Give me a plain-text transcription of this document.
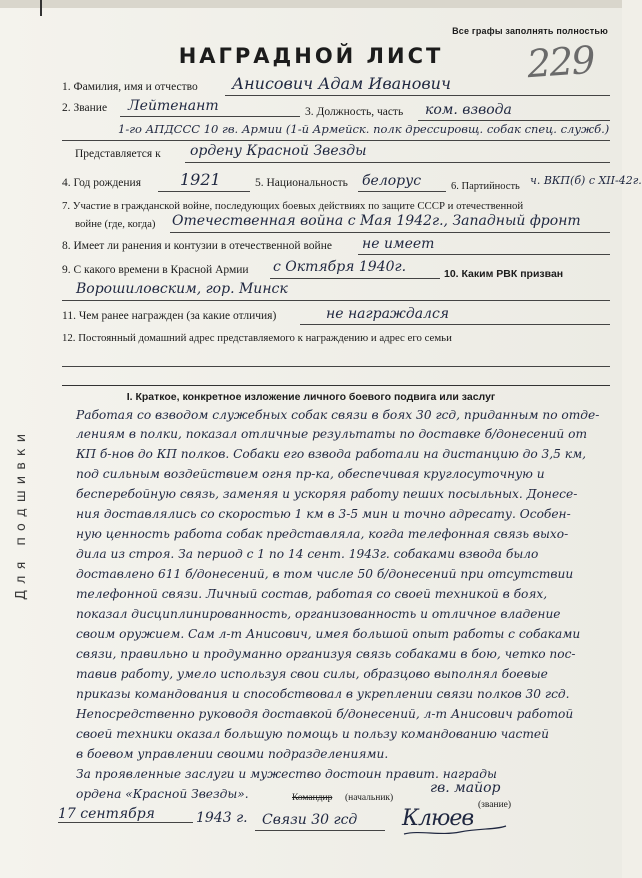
Все графы заполнять полностью
НАГРАДНОЙ ЛИСТ	229
Для подшивки
1. Фамилия, имя и отчество Анисович Адам Иванович
2. Звание Лейтенант	3. Должность, часть ком. взвода
1-го АПДССС 10 гв. Армии (1-й Армейск. полк дрессировщ. собак спец. служб.)
Представляется к ордену Красной Звезды
4. Год рождения 1921	5. Национальность белорус	6. Партийность ч. ВКП(б) с XII-42г.
7. Участие в гражданской войне, последующих боевых действиях по защите СССР и отечественной
войне (где, когда) Отечественная война с Мая 1942г., Западный фронт
8. Имеет ли ранения и контузии в отечественной войне не имеет
9. С какого времени в Красной Армии с Октября 1940г.	10. Каким РВК призван
Ворошиловским, гор. Минск
11. Чем ранее награжден (за какие отличия)	не награждался
12. Постоянный домашний адрес представляемого к награждению и адрес его семьи
I. Краткое, конкретное изложение личного боевого подвига или заслуг
Работая со взводом служебных собак связи в боях 30 гсд, приданным по отде-
лениям в полки, показал отличные результаты по доставке б/донесений от
КП б-нов до КП полков. Собаки его взвода работали на дистанцию до 3,5 км,
под сильным воздействием огня пр-ка, обеспечивая круглосуточную и
бесперебойную связь, заменяя и ускоряя работу пеших посыльных. Донесе-
ния доставлялись со скоростью 1 км в 3-5 мин и точно адресату. Особен-
ную ценность работа собак представляла, когда телефонная связь выхо-
дила из строя. За период с 1 по 14 сент. 1943г. собаками взвода было
доставлено 611 б/донесений, в том числе 50 б/донесений при отсутствии
телефонной связи. Личный состав, работая со своей техникой в боях,
показал дисциплинированность, организованность и отличное владение
своим оружием. Сам л-т Анисович, имея большой опыт работы с собаками
связи, правильно и продуманно организуя связь собаками в бою, четко пос-
тавив работу, умело используя свои силы, образцово выполнял боевые
приказы командования и способствовал в укреплении связи полков 30 гсд.
Непосредственно руководя доставкой б/донесений, л-т Анисович работой
своей техники оказал большую помощь и пользу командованию частей
в боевом управлении своими подразделениями.
За проявленные заслуги и мужество достоин правит. награды
ордена «Красной Звезды».	Командир (начальник)
гв. майор
(звание)
17 сентября	1943 г. Связи 30 гсд Клюев
